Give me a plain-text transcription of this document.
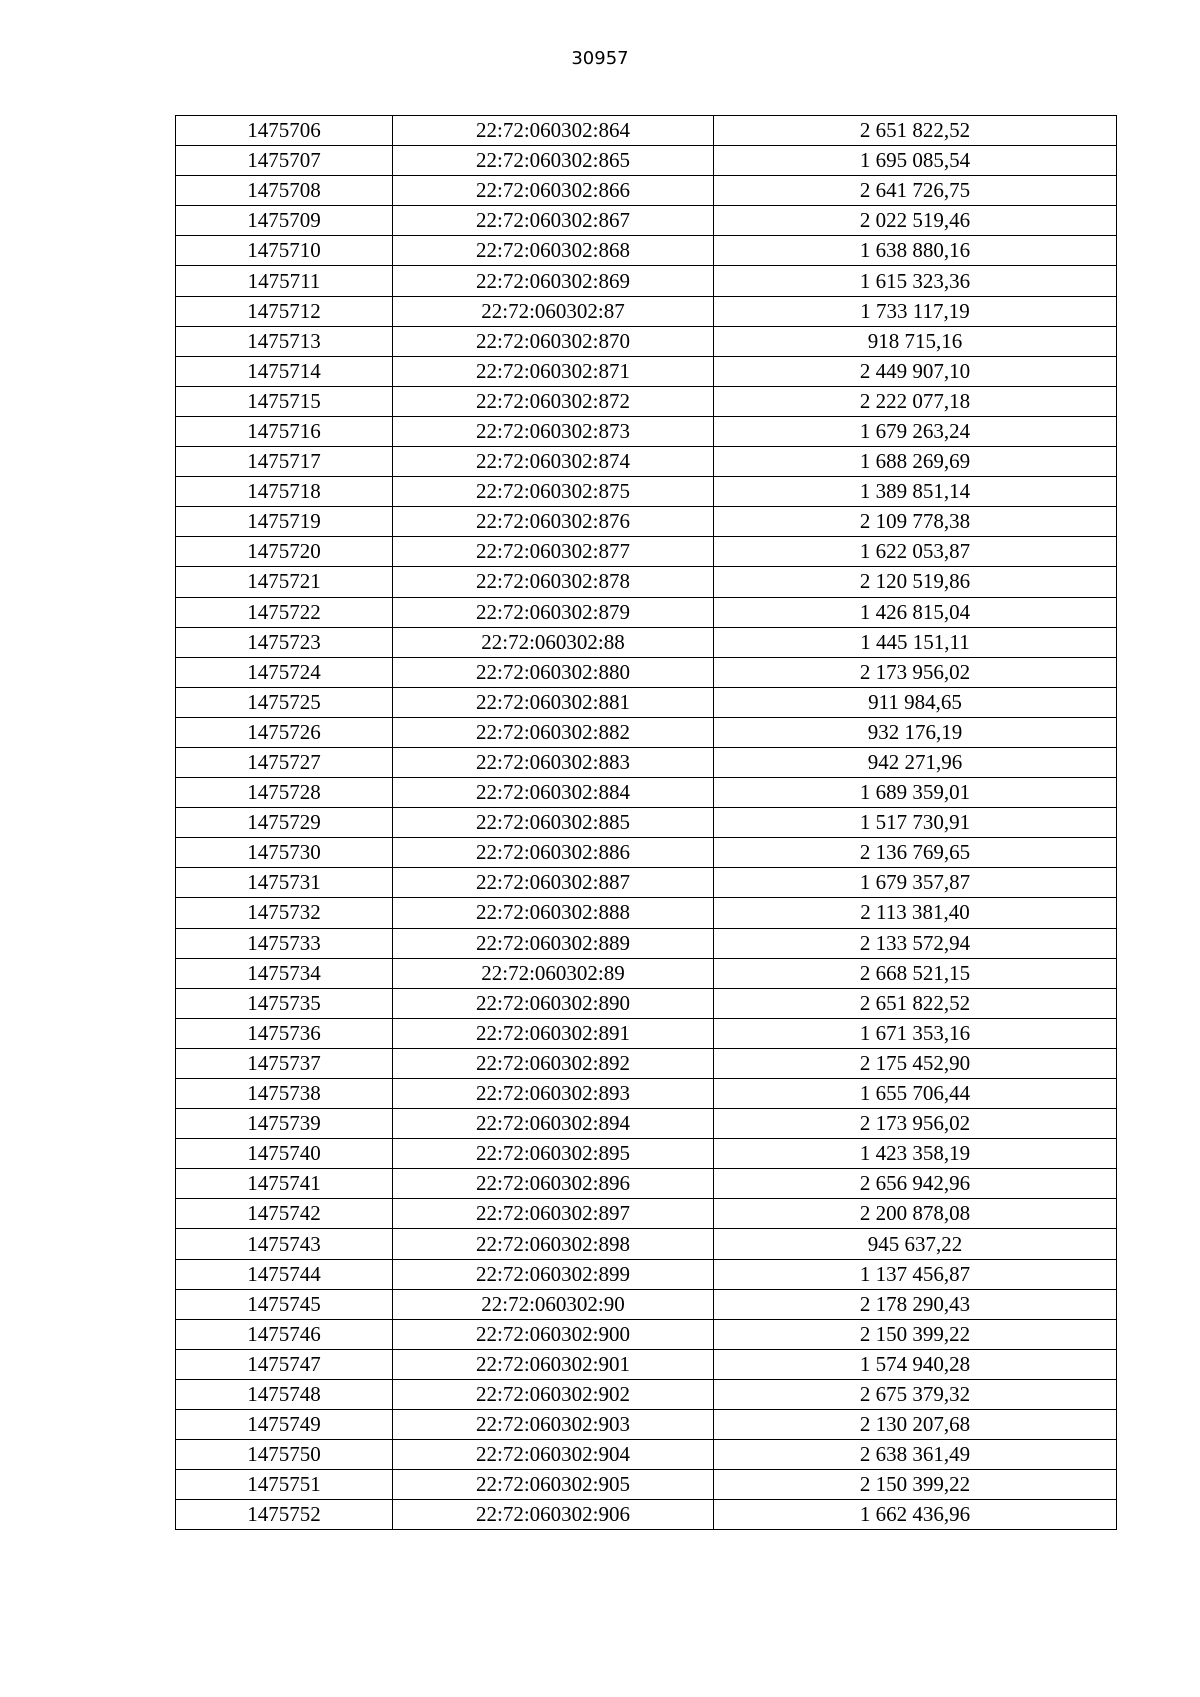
30957
1475706	22:72:060302:864	2 651 822,52
1475707	22:72:060302:865	1 695 085,54
1475708	22:72:060302:866	2 641 726,75
1475709	22:72:060302:867	2 022 519,46
1475710	22:72:060302:868	1 638 880,16
1475711	22:72:060302:869	1 615 323,36
1475712	22:72:060302:87	1 733 117,19
1475713	22:72:060302:870	918 715,16
1475714	22:72:060302:871	2 449 907,10
1475715	22:72:060302:872	2 222 077,18
1475716	22:72:060302:873	1 679 263,24
1475717	22:72:060302:874	1 688 269,69
1475718	22:72:060302:875	1 389 851,14
1475719	22:72:060302:876	2 109 778,38
1475720	22:72:060302:877	1 622 053,87
1475721	22:72:060302:878	2 120 519,86
1475722	22:72:060302:879	1 426 815,04
1475723	22:72:060302:88	1 445 151,11
1475724	22:72:060302:880	2 173 956,02
1475725	22:72:060302:881	911 984,65
1475726	22:72:060302:882	932 176,19
1475727	22:72:060302:883	942 271,96
1475728	22:72:060302:884	1 689 359,01
1475729	22:72:060302:885	1 517 730,91
1475730	22:72:060302:886	2 136 769,65
1475731	22:72:060302:887	1 679 357,87
1475732	22:72:060302:888	2 113 381,40
1475733	22:72:060302:889	2 133 572,94
1475734	22:72:060302:89	2 668 521,15
1475735	22:72:060302:890	2 651 822,52
1475736	22:72:060302:891	1 671 353,16
1475737	22:72:060302:892	2 175 452,90
1475738	22:72:060302:893	1 655 706,44
1475739	22:72:060302:894	2 173 956,02
1475740	22:72:060302:895	1 423 358,19
1475741	22:72:060302:896	2 656 942,96
1475742	22:72:060302:897	2 200 878,08
1475743	22:72:060302:898	945 637,22
1475744	22:72:060302:899	1 137 456,87
1475745	22:72:060302:90	2 178 290,43
1475746	22:72:060302:900	2 150 399,22
1475747	22:72:060302:901	1 574 940,28
1475748	22:72:060302:902	2 675 379,32
1475749	22:72:060302:903	2 130 207,68
1475750	22:72:060302:904	2 638 361,49
1475751	22:72:060302:905	2 150 399,22
1475752	22:72:060302:906	1 662 436,96
